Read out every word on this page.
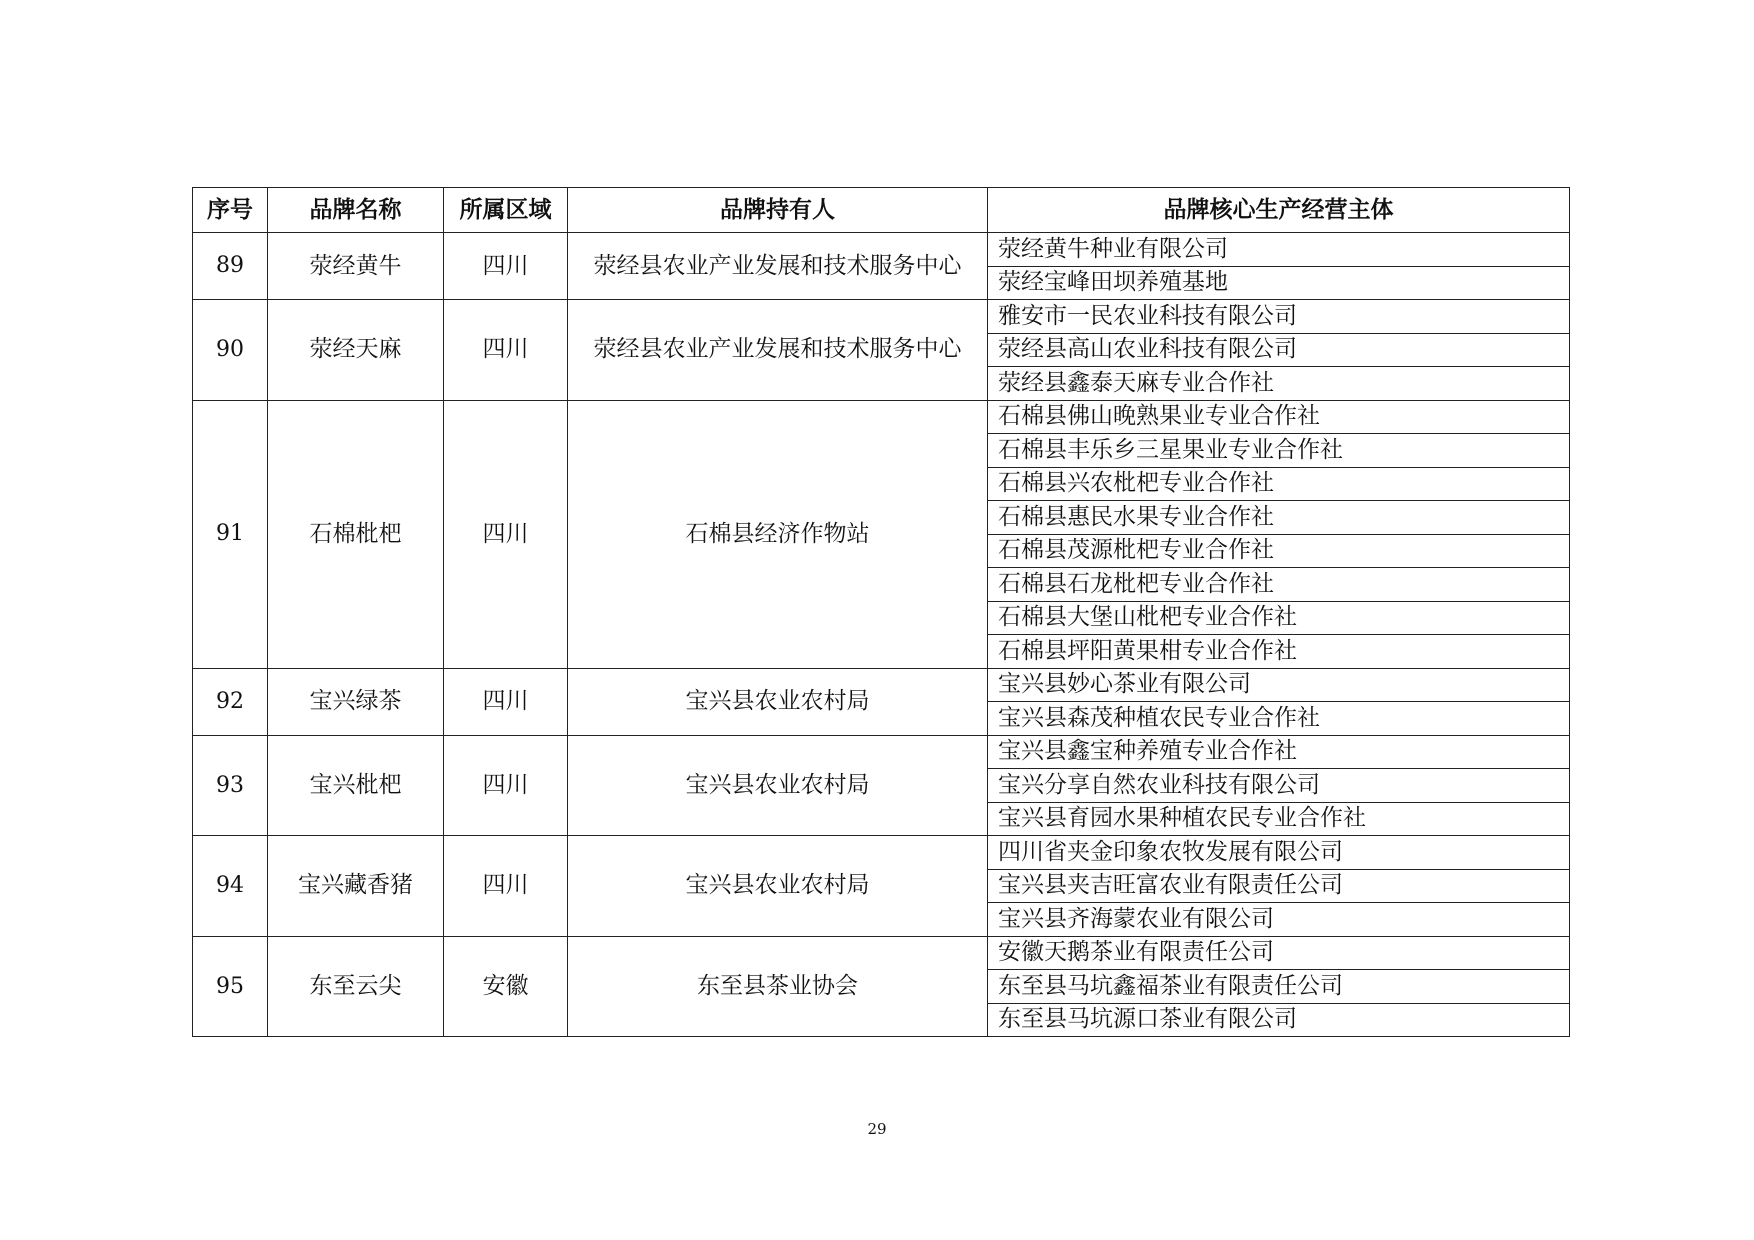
序号	品牌名称	所属区域	品牌持有人	品牌核心生产经营主体
89	荥经黄牛	四川	荥经县农业产业发展和技术服务中心	荥经黄牛种业有限公司
				荥经宝峰田坝养殖基地
90	荥经天麻	四川	荥经县农业产业发展和技术服务中心	雅安市一民农业科技有限公司
				荥经县高山农业科技有限公司
				荥经县鑫泰天麻专业合作社
91	石棉枇杷	四川	石棉县经济作物站	石棉县佛山晚熟果业专业合作社
				石棉县丰乐乡三星果业专业合作社
				石棉县兴农枇杷专业合作社
				石棉县惠民水果专业合作社
				石棉县茂源枇杷专业合作社
				石棉县石龙枇杷专业合作社
				石棉县大堡山枇杷专业合作社
				石棉县坪阳黄果柑专业合作社
92	宝兴绿茶	四川	宝兴县农业农村局	宝兴县妙心茶业有限公司
				宝兴县森茂种植农民专业合作社
93	宝兴枇杷	四川	宝兴县农业农村局	宝兴县鑫宝种养殖专业合作社
				宝兴分享自然农业科技有限公司
				宝兴县育园水果种植农民专业合作社
94	宝兴藏香猪	四川	宝兴县农业农村局	四川省夹金印象农牧发展有限公司
				宝兴县夹吉旺富农业有限责任公司
				宝兴县齐海蒙农业有限公司
95	东至云尖	安徽	东至县茶业协会	安徽天鹅茶业有限责任公司
				东至县马坑鑫福茶业有限责任公司
				东至县马坑源口茶业有限公司
29
